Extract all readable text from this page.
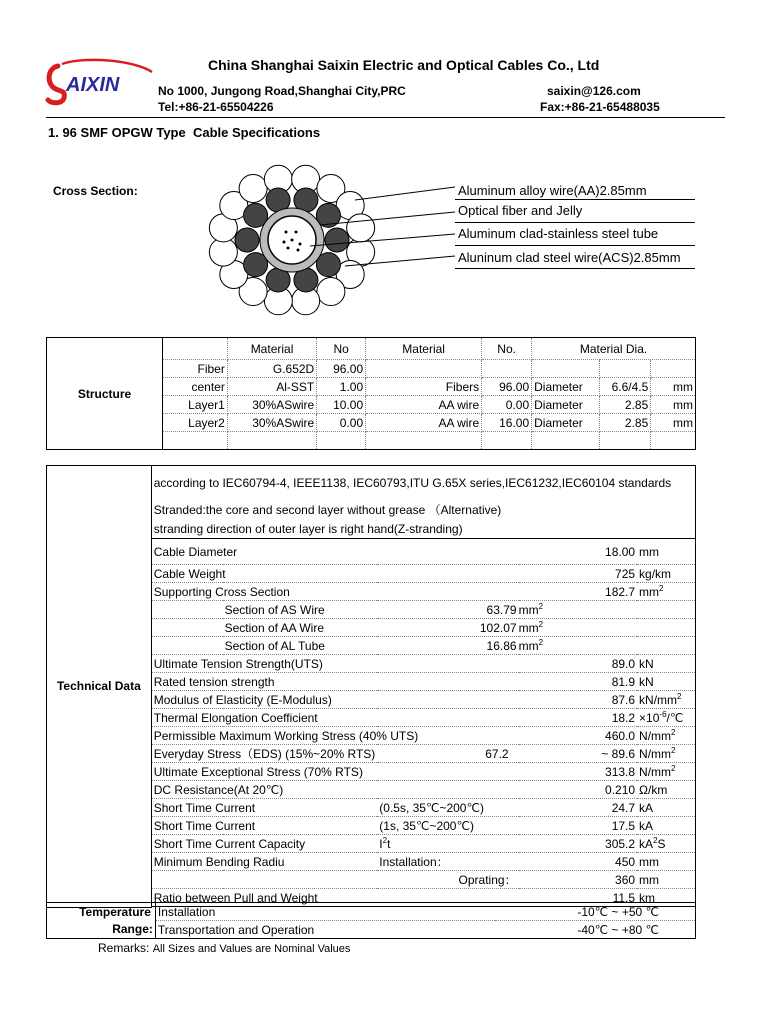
AIXIN
China Shanghai Saixin Electric and Optical Cables Co., Ltd
No 1000, Jungong Road,Shanghai City,PRC	saixin@126.com
Tel:+86-21-65504226	Fax:+86-21-65488035
1. 96 SMF OPGW Type  Cable Specifications
Cross Section:	Aluminum alloy wire(AA)2.85mm
Optical fiber and Jelly
Aluminum clad-stainless steel tube
Aluninum clad steel wire(ACS)2.85mm
Structure		Material	No	Material	No.	Material Dia.		
	Fiber	G.652D	96.00					
	center	Al-SST	1.00	Fibers	96.00	Diameter	6.6/4.5	mm
	Layer1	30%ASwire	10.00	AA wire	0.00	Diameter	2.85	mm
	Layer2	30%ASwire	0.00	AA wire	16.00	Diameter	2.85	mm

Technical Data	according to IEC60794-4, IEEE1138, IEC60793,ITU G.65X series,IEC61232,IEC60104 standards				
	Stranded:the core and second layer without grease （Alternative)				
	stranding direction of outer layer is right hand(Z-stranding)				
	Cable Diameter			18.00	mm
	Cable Weight			725	kg/km
	Supporting Cross Section			182.7	$mm^2$
		Section of AS Wire	63.79	$mm^2$	
		Section of AA Wire	102.07	$mm^2$	
		Section of AL Tube	16.86	$mm^2$	
	Ultimate Tension Strength(UTS)			89.0	kN
	Rated tension strength			81.9	kN
	Modulus of Elasticity (E-Modulus)			87.6	$kN/mm^2$
	Thermal Elongation Coefficient			18.2	$\times 10^{-6}/℃$
	Permissible Maximum Working Stress (40% UTS)			460.0	$N/mm^2$
	Everyday Stress（EDS) (15%~20% RTS)		67.2	~ 89.6	$N/mm^2$
	Ultimate Exceptional Stress (70% RTS)			313.8	$N/mm^2$
	DC Resistance(At 20℃)			0.210	Ω/km
	Short Time Current		(0.5s, 35℃~200℃)	24.7	kA
	Short Time Current		(1s, 35℃~200℃)	17.5	kA
	Short Time Current Capacity		$I^2t$	305.2	$kA^2S$
	Minimum Bending Radiu		Installation：	450	mm
			Oprating：	360	mm
	Ratio between Pull and Weight			11.5	km

Temperature	Installation	-10℃ ~ +50 ℃
Range:	Transportation and Operation	-40℃ ~ +80 ℃
Remarks: All Sizes and Values are Nominal Values
